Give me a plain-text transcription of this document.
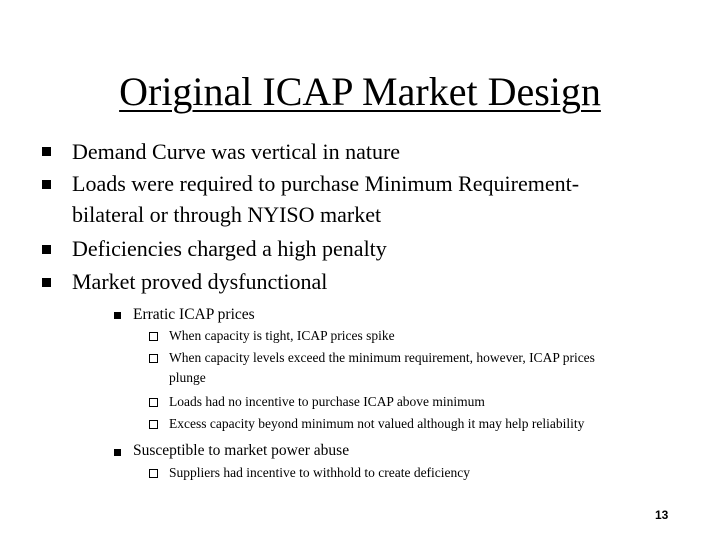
Original ICAP Market Design
Demand Curve was vertical in nature
Loads were required to purchase Minimum Requirement-
bilateral or through NYISO market
Deficiencies charged a high penalty
Market proved dysfunctional
Erratic ICAP prices
When capacity is tight, ICAP prices spike
When capacity levels exceed the minimum requirement, however, ICAP prices
plunge
Loads had no incentive to purchase ICAP above minimum
Excess capacity beyond minimum not valued although it may help reliability
Susceptible to market power abuse
Suppliers had incentive to withhold to create deficiency
13
